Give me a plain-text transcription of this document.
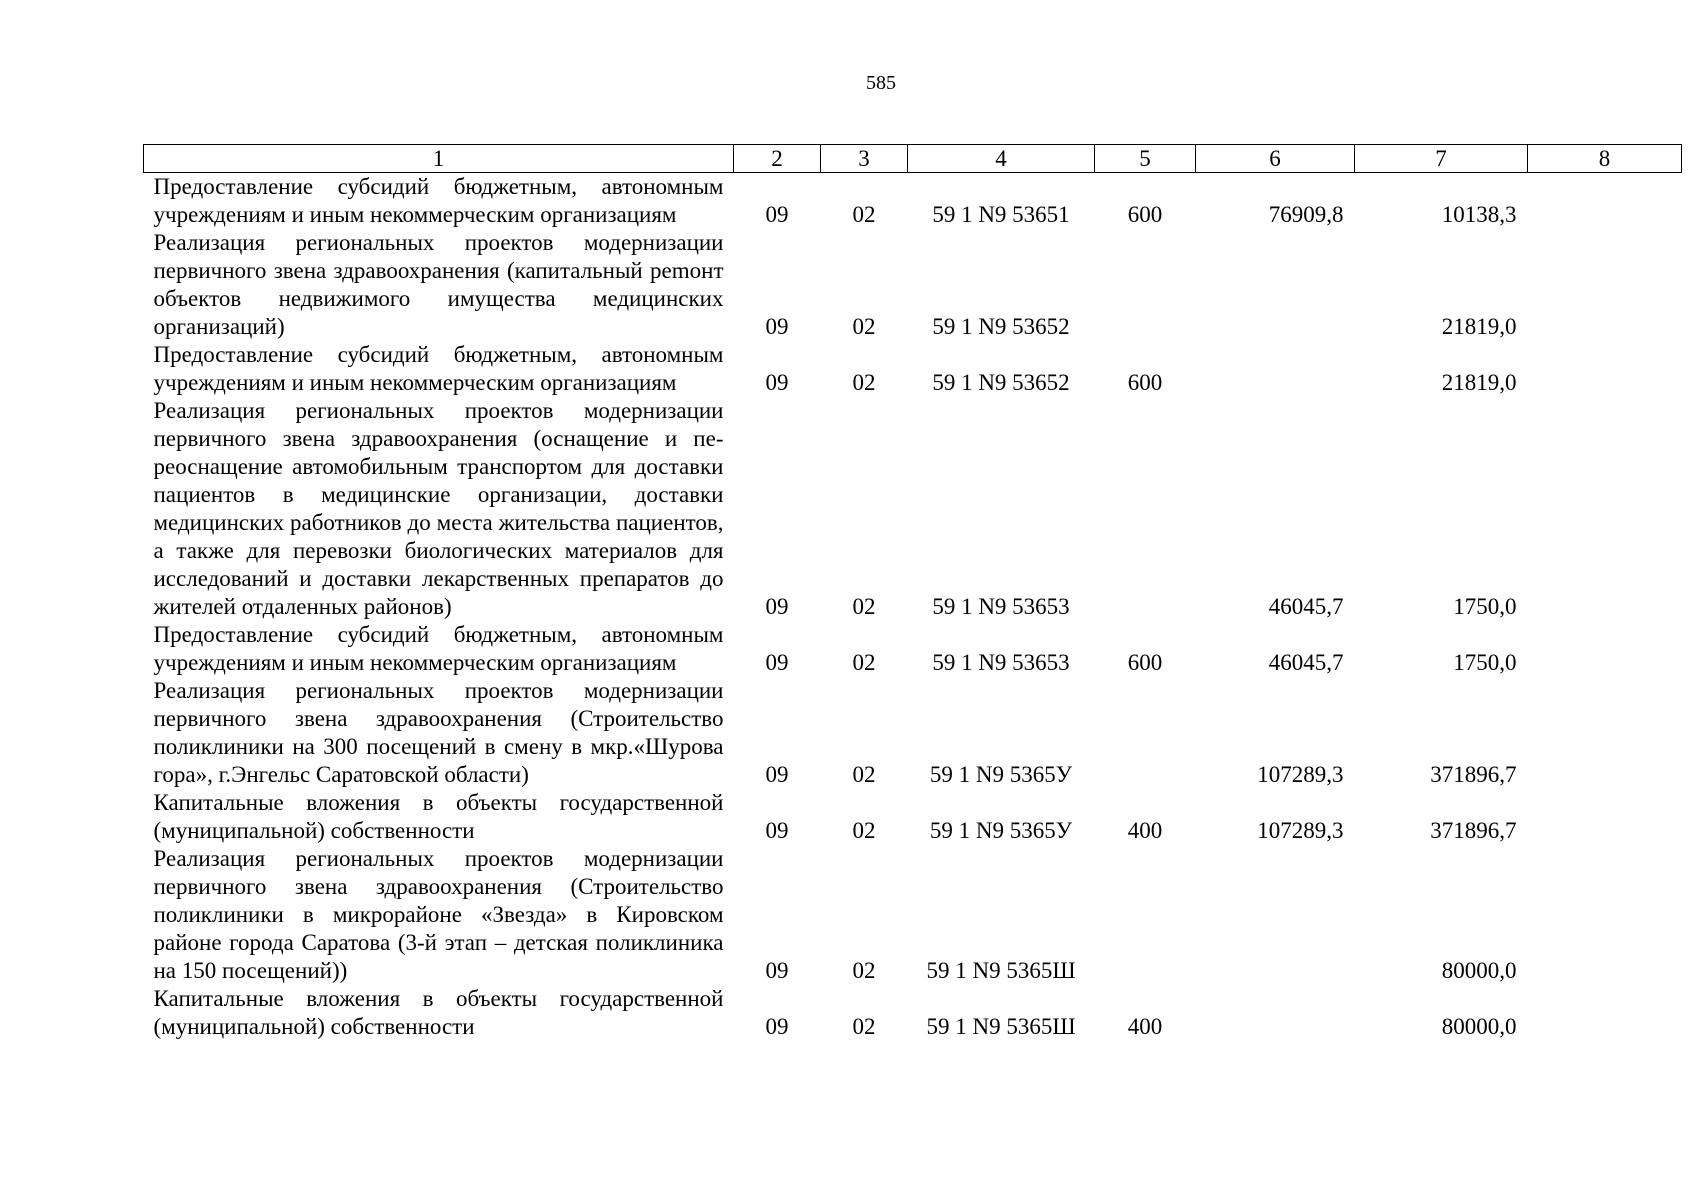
585
1	2	3	4	5	6	7	8
Предоставление субсидий бюджетным, автономным учреждениям и иным некоммерческим организациям	09	02	59 1 N9 53651	600	76909,8	10138,3	
Реализация региональных проектов модернизации первичного звена здравоохранения (капитальный реmонт объектов недвижимого имущества медицинских организаций)	09	02	59 1 N9 53652			21819,0	
Предоставление субсидий бюджетным, автономным учреждениям и иным некоммерческим организациям	09	02	59 1 N9 53652	600		21819,0	
Реализация региональных проектов модернизации первичного звена здравоохранения (оснащение и переоснащение автомобильным транспортом для доставки пациентов в медицинские организации, доставки медицинских работников до места жительства пациентов, а также для перевозки биологических материалов для исследований и доставки лекарственных препаратов до жителей отдаленных районов)	09	02	59 1 N9 53653		46045,7	1750,0	
Предоставление субсидий бюджетным, автономным учреждениям и иным некоммерческим организациям	09	02	59 1 N9 53653	600	46045,7	1750,0	
Реализация региональных проектов модернизации первичного звена здравоохранения (Строительство поликлиники на 300 посещений в смену в мкр.«Шурова гора», г.Энгельс Саратовской области)	09	02	59 1 N9 5365У		107289,3	371896,7	
Капитальные вложения в объекты государственной (муниципальной) собственности	09	02	59 1 N9 5365У	400	107289,3	371896,7	
Реализация региональных проектов модернизации первичного звена здравоохранения (Строительство поликлиники в микрорайоне «Звезда» в Кировском районе города Саратова (3-й этап – детская поликлиника на 150 посещений))	09	02	59 1 N9 5365Ш			80000,0	
Капитальные вложения в объекты государственной (муниципальной) собственности	09	02	59 1 N9 5365Ш	400		80000,0	
